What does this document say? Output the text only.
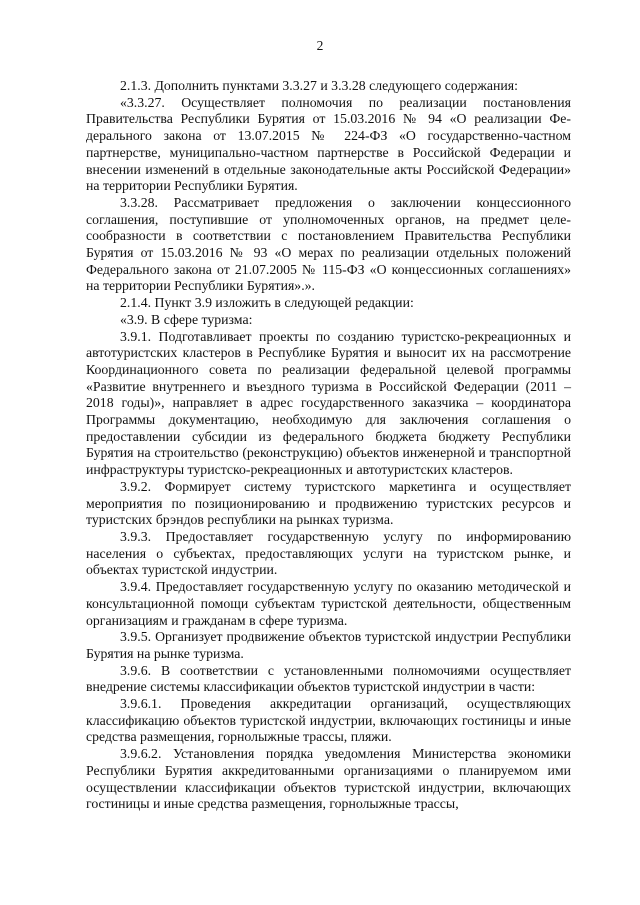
2

2.1.3. Дополнить пунктами 3.3.27 и 3.3.28 следующего содержания:

«3.3.27. Осуществляет полномочия по реализации постановления Правительства Республики Бурятия от 15.03.2016 № 94 «О реализации Федерального закона от 13.07.2015 № 224-ФЗ «О государственно-частном партнерстве, муниципально-частном партнерстве в Российской Федерации и внесении изменений в отдельные законодательные акты Российской Федерации» на территории Республики Бурятия.

3.3.28. Рассматривает предложения о заключении концессионного соглашения, поступившие от уполномоченных органов, на предмет целесообразности в соответствии с постановлением Правительства Республики Бурятия от 15.03.2016 № 93 «О мерах по реализации отдельных положений Федерального закона от 21.07.2005 № 115-ФЗ «О концессионных соглашениях» на территории Республики Бурятия».».

2.1.4. Пункт 3.9 изложить в следующей редакции:

«3.9. В сфере туризма:

3.9.1. Подготавливает проекты по созданию туристско-рекреационных и автотуристских кластеров в Республике Бурятия и выносит их на рассмотрение Координационного совета по реализации федеральной целевой программы «Развитие внутреннего и въездного туризма в Российской Федерации (2011 – 2018 годы)», направляет в адрес государственного заказчика – координатора Программы документацию, необходимую для заключения соглашения о предоставлении субсидии из федерального бюджета бюджету Республики Бурятия на строительство (реконструкцию) объектов инженерной и транспортной инфраструктуры туристско-рекреационных и автотуристских кластеров.

3.9.2. Формирует систему туристского маркетинга и осуществляет мероприятия по позиционированию и продвижению туристских ресурсов и туристских брэндов республики на рынках туризма.

3.9.3. Предоставляет государственную услугу по информированию населения о субъектах, предоставляющих услуги на туристском рынке, и объектах туристской индустрии.

3.9.4. Предоставляет государственную услугу по оказанию методической и консультационной помощи субъектам туристской деятельности, общественным организациям и гражданам в сфере туризма.

3.9.5. Организует продвижение объектов туристской индустрии Республики Бурятия на рынке туризма.

3.9.6. В соответствии с установленными полномочиями осуществляет внедрение системы классификации объектов туристской индустрии в части:

3.9.6.1. Проведения аккредитации организаций, осуществляющих классификацию объектов туристской индустрии, включающих гостиницы и иные средства размещения, горнолыжные трассы, пляжи.

3.9.6.2. Установления порядка уведомления Министерства экономики Республики Бурятия аккредитованными организациями о планируемом ими осуществлении классификации объектов туристской индустрии, включающих гостиницы и иные средства размещения, горнолыжные трассы,
